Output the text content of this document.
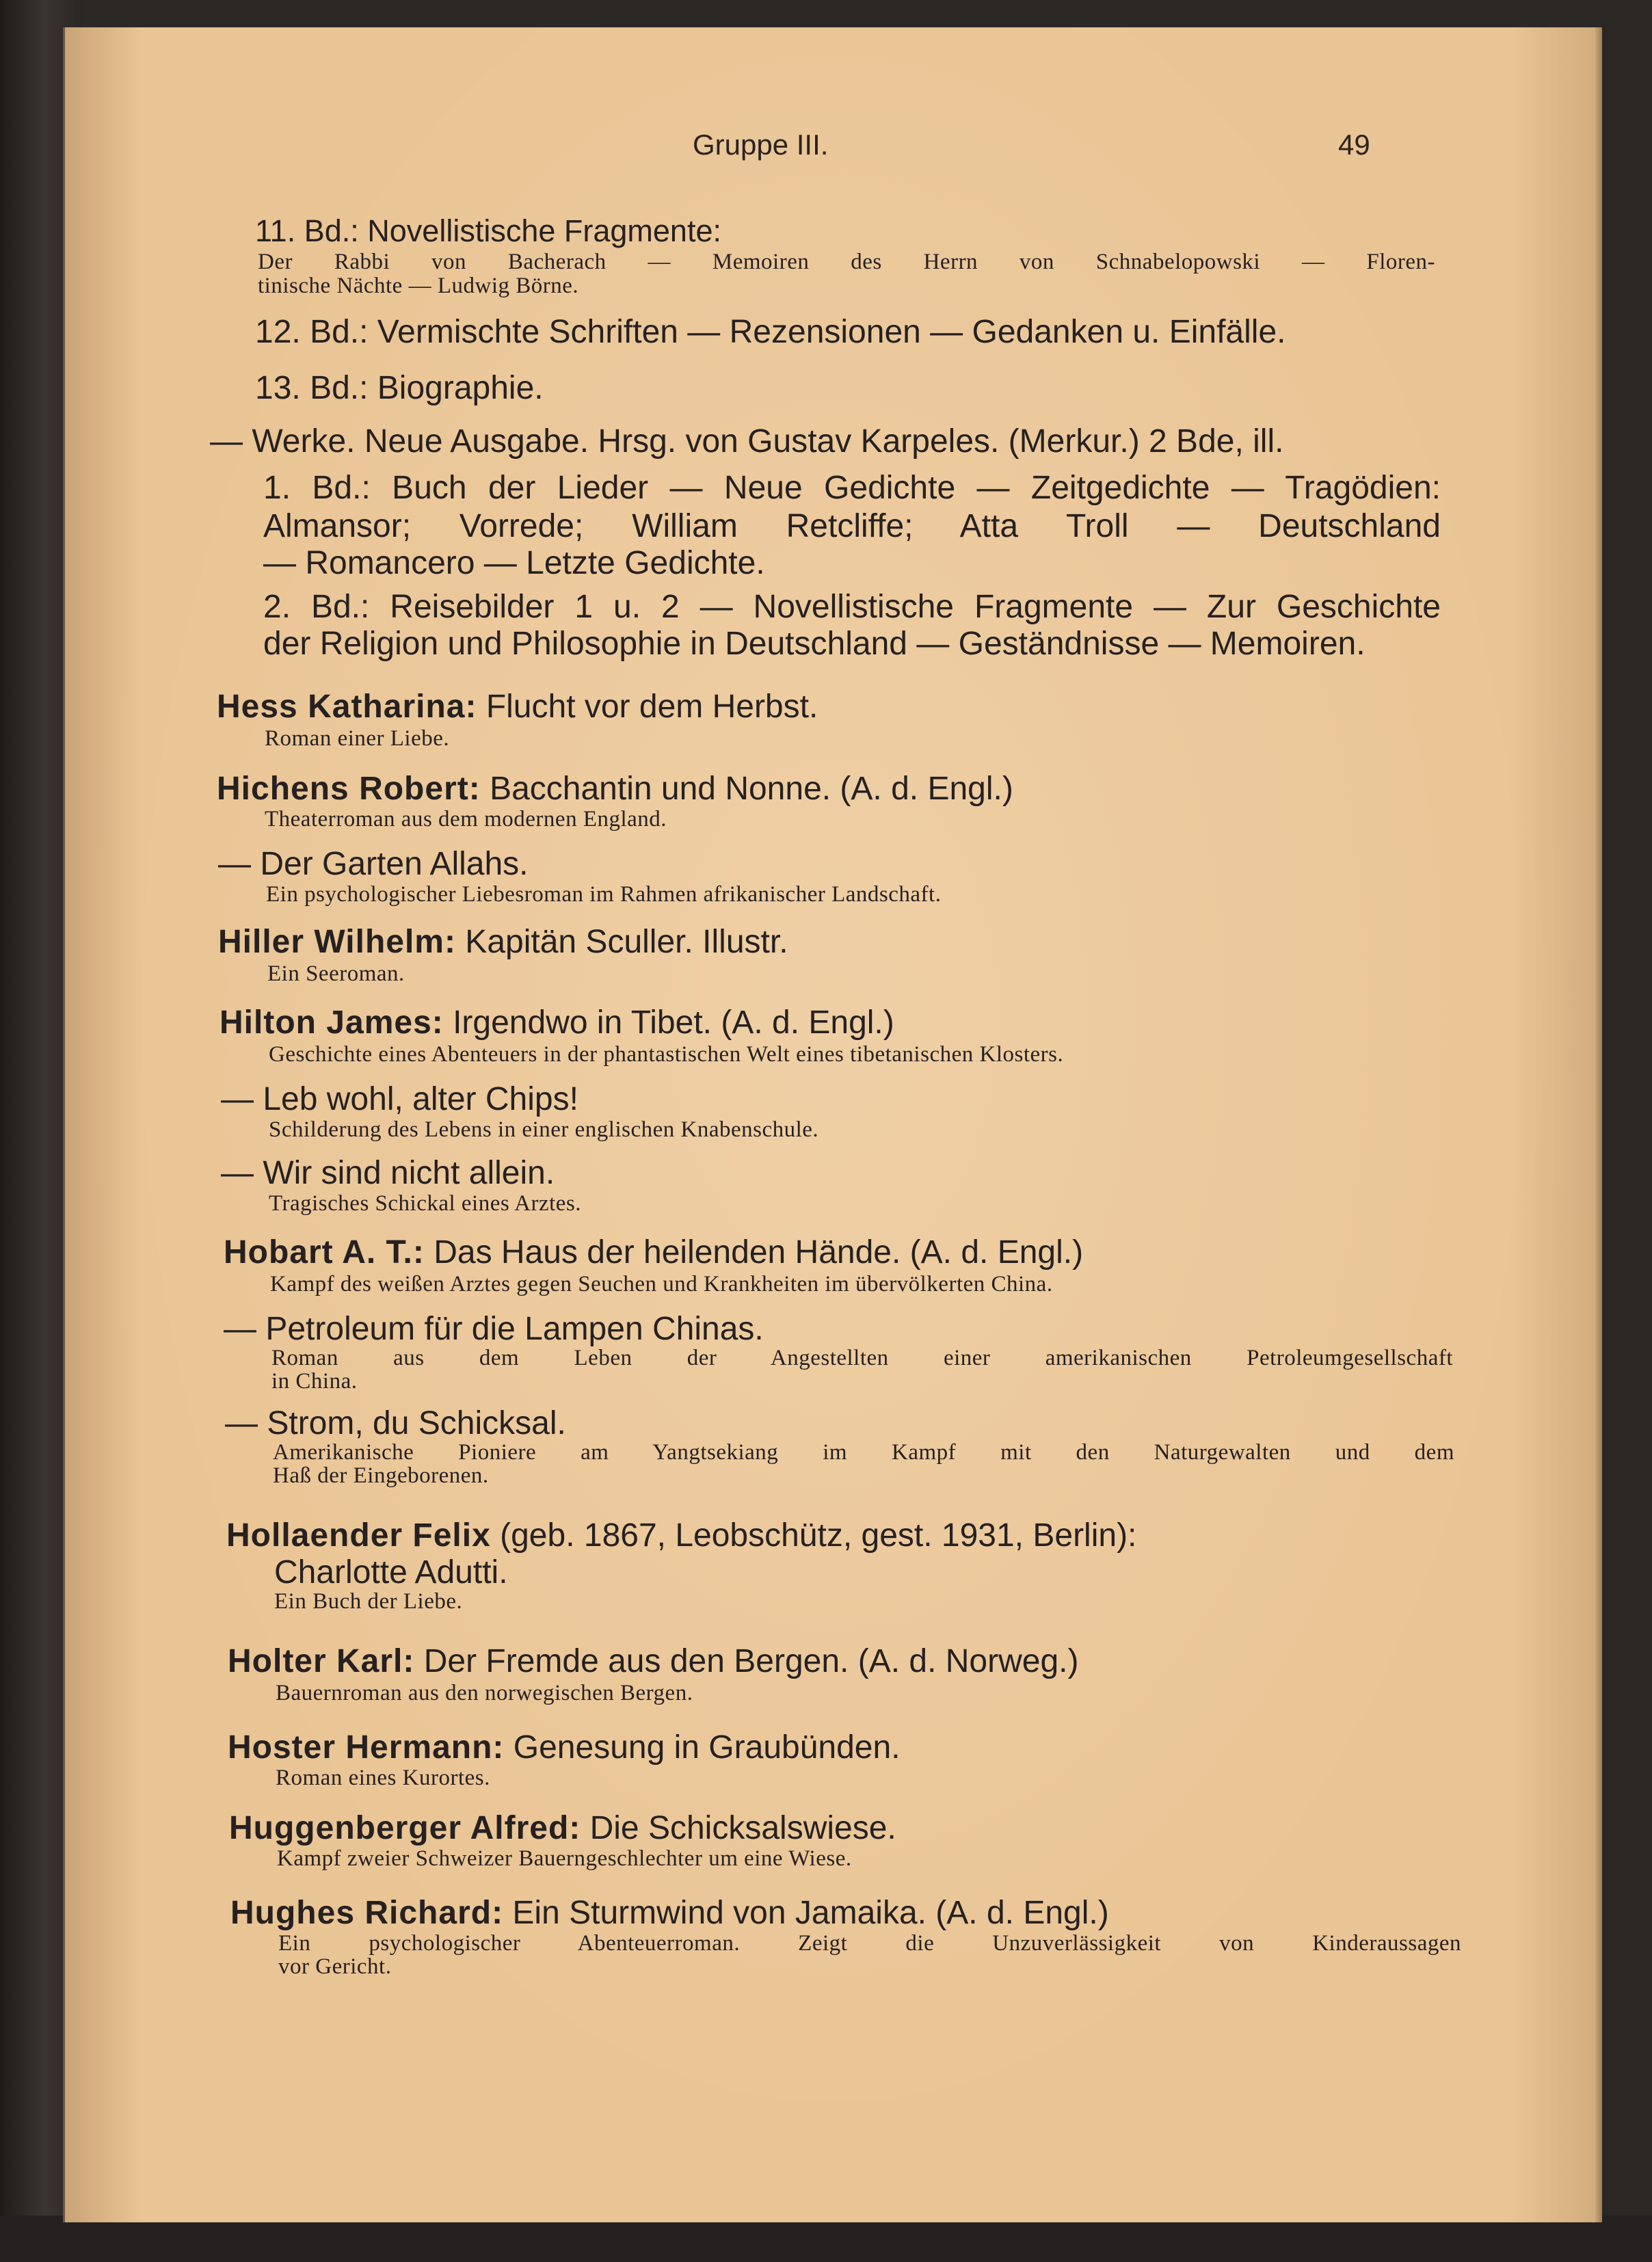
Gruppe III.	49
11. Bd.: Novellistische Fragmente:
Der Rabbi von Bacherach — Memoiren des Herrn von Schnabelopowski — Floren-
tinische Nächte — Ludwig Börne.
12. Bd.: Vermischte Schriften — Rezensionen — Gedanken u. Einfälle.
13. Bd.: Biographie.
— Werke. Neue Ausgabe. Hrsg. von Gustav Karpeles. (Merkur.) 2 Bde, ill.
1. Bd.: Buch der Lieder — Neue Gedichte — Zeitgedichte — Tragödien:
Almansor; Vorrede; William Retcliffe; Atta Troll — Deutschland
— Romancero — Letzte Gedichte.
2. Bd.: Reisebilder 1 u. 2 — Novellistische Fragmente — Zur Geschichte
der Religion und Philosophie in Deutschland — Geständnisse — Memoiren.
Hess Katharina: Flucht vor dem Herbst.
Roman einer Liebe.
Hichens Robert: Bacchantin und Nonne. (A. d. Engl.)
Theaterroman aus dem modernen England.
— Der Garten Allahs.
Ein psychologischer Liebesroman im Rahmen afrikanischer Landschaft.
Hiller Wilhelm: Kapitän Sculler. Illustr.
Ein Seeroman.
Hilton James: Irgendwo in Tibet. (A. d. Engl.)
Geschichte eines Abenteuers in der phantastischen Welt eines tibetanischen Klosters.
— Leb wohl, alter Chips!
Schilderung des Lebens in einer englischen Knabenschule.
— Wir sind nicht allein.
Tragisches Schickal eines Arztes.
Hobart A. T.: Das Haus der heilenden Hände. (A. d. Engl.)
Kampf des weißen Arztes gegen Seuchen und Krankheiten im übervölkerten China.
— Petroleum für die Lampen Chinas.
Roman aus dem Leben der Angestellten einer amerikanischen Petroleumgesellschaft
in China.
— Strom, du Schicksal.
Amerikanische Pioniere am Yangtsekiang im Kampf mit den Naturgewalten und dem
Haß der Eingeborenen.
Hollaender Felix (geb. 1867, Leobschütz, gest. 1931, Berlin):
Charlotte Adutti.
Ein Buch der Liebe.
Holter Karl: Der Fremde aus den Bergen. (A. d. Norweg.)
Bauernroman aus den norwegischen Bergen.
Hoster Hermann: Genesung in Graubünden.
Roman eines Kurortes.
Huggenberger Alfred: Die Schicksalswiese.
Kampf zweier Schweizer Bauerngeschlechter um eine Wiese.
Hughes Richard: Ein Sturmwind von Jamaika. (A. d. Engl.)
Ein psychologischer Abenteuerroman. Zeigt die Unzuverlässigkeit von Kinderaussagen
vor Gericht.
